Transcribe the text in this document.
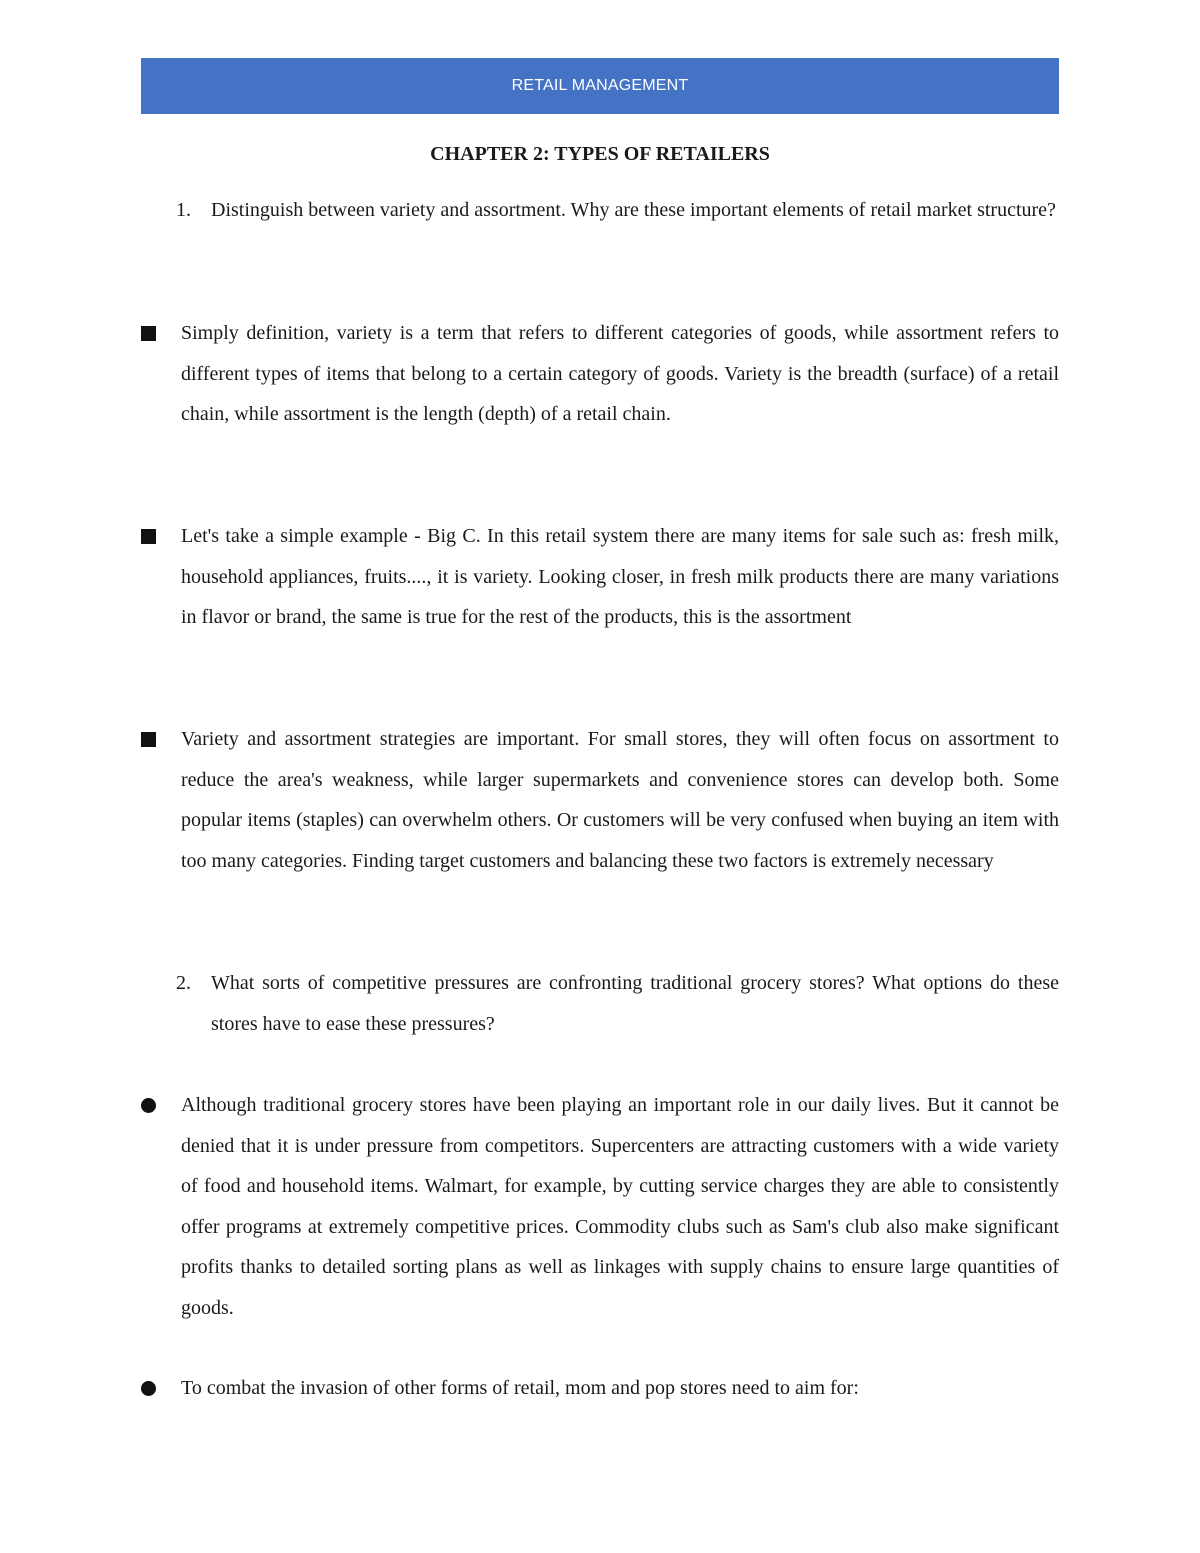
RETAIL MANAGEMENT
CHAPTER 2: TYPES OF RETAILERS
1. Distinguish between variety and assortment. Why are these important elements of retail market structure?
Simply definition, variety is a term that refers to different categories of goods, while assortment refers to different types of items that belong to a certain category of goods. Variety is the breadth (surface) of a retail chain, while assortment is the length (depth) of a retail chain.
Let's take a simple example - Big C. In this retail system there are many items for sale such as: fresh milk, household appliances, fruits...., it is variety. Looking closer, in fresh milk products there are many variations in flavor or brand, the same is true for the rest of the products, this is the assortment
Variety and assortment strategies are important. For small stores, they will often focus on assortment to reduce the area's weakness, while larger supermarkets and convenience stores can develop both. Some popular items (staples) can overwhelm others. Or customers will be very confused when buying an item with too many categories. Finding target customers and balancing these two factors is extremely necessary
2. What sorts of competitive pressures are confronting traditional grocery stores? What options do these stores have to ease these pressures?
Although traditional grocery stores have been playing an important role in our daily lives. But it cannot be denied that it is under pressure from competitors. Supercenters are attracting customers with a wide variety of food and household items. Walmart, for example, by cutting service charges they are able to consistently offer programs at extremely competitive prices. Commodity clubs such as Sam's club also make significant profits thanks to detailed sorting plans as well as linkages with supply chains to ensure large quantities of goods.
To combat the invasion of other forms of retail, mom and pop stores need to aim for:
